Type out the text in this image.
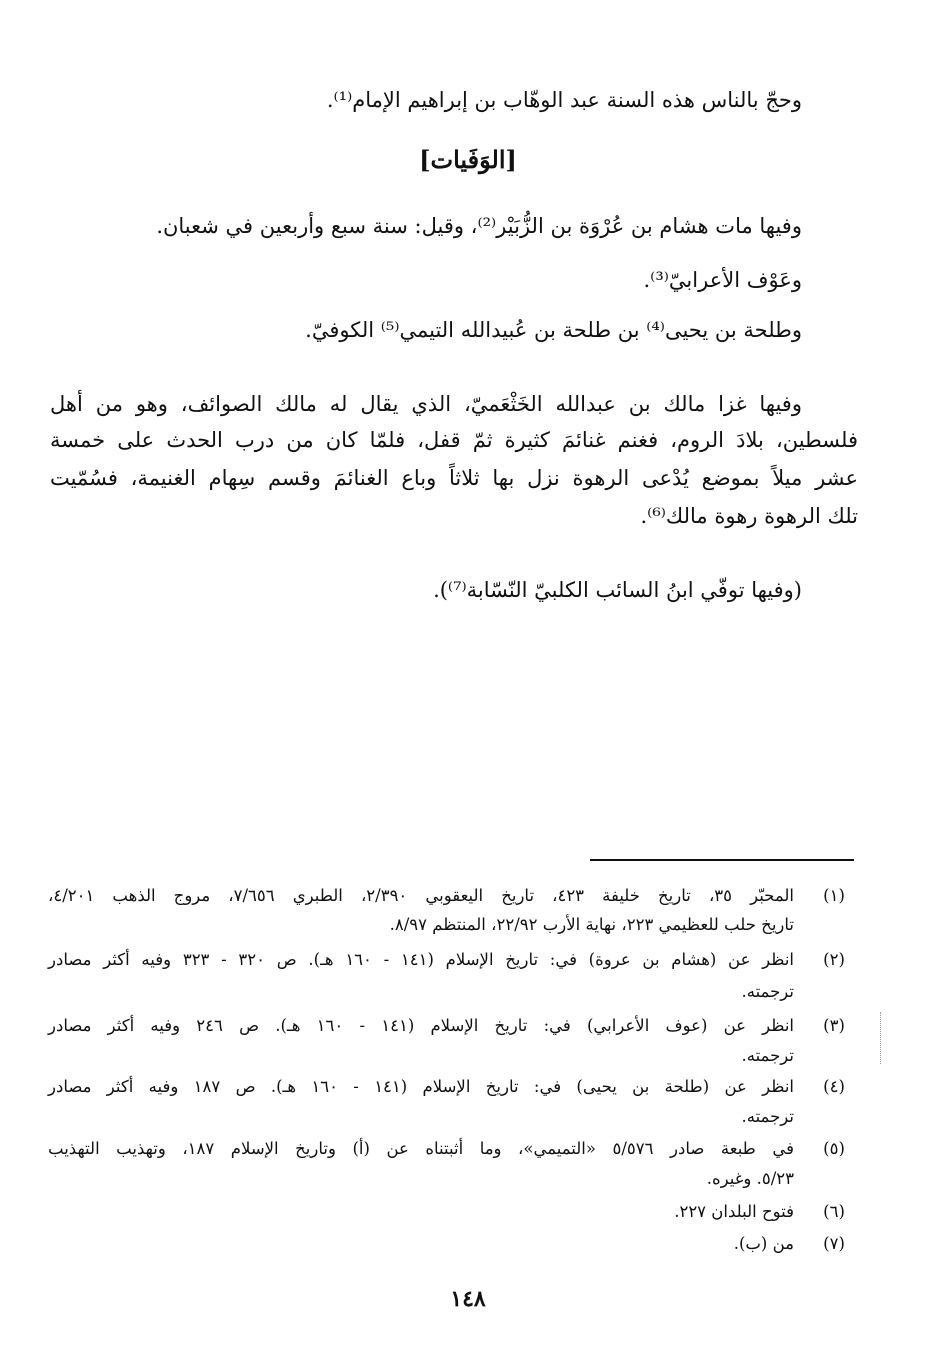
وحجّ بالناس هذه السنة عبد الوهّاب بن إبراهيم الإمام⁽¹⁾.
[الوَفَيات]
وفيها مات هشام بن عُرْوَة بن الزُّبَيْر⁽²⁾، وقيل: سنة سبع وأربعين في شعبان.
وعَوْف الأعرابيّ⁽³⁾.
وطلحة بن يحيى⁽⁴⁾ بن طلحة بن عُبيدالله التيمي⁽⁵⁾ الكوفيّ.
وفيها غزا مالك بن عبدالله الخَثْعَميّ، الذي يقال له مالك الصوائف، وهو من أهل
فلسطين، بلادَ الروم، فغنم غنائمَ كثيرة ثمّ قفل، فلمّا كان من درب الحدث على خمسة
عشر ميلاً بموضع يُدْعى الرهوة نزل بها ثلاثاً وباع الغنائمَ وقسم سِهام الغنيمة، فسُمّيت
تلك الرهوة رهوة مالك⁽⁶⁾.
(وفيها توفّي ابنُ السائب الكلبيّ النّسّابة⁽⁷⁾).
(١)
المحبّر ٣٥، تاريخ خليفة ٤٢٣، تاريخ اليعقوبي ٢/٣٩٠، الطبري ٧/٦٥٦، مروج الذهب ٤/٢٠١،
تاريخ حلب للعظيمي ٢٢٣، نهاية الأرب ٢٢/٩٢، المنتظم ٨/٩٧.
(٢)
انظر عن (هشام بن عروة) في: تاريخ الإسلام (١٤١ - ١٦٠ هـ). ص ٣٢٠ - ٣٢٣ وفيه أكثر مصادر
ترجمته.
(٣)
انظر عن (عوف الأعرابي) في: تاريخ الإسلام (١٤١ - ١٦٠ هـ). ص ٢٤٦ وفيه أكثر مصادر
ترجمته.
(٤)
انظر عن (طلحة بن يحيى) في: تاريخ الإسلام (١٤١ - ١٦٠ هـ). ص ١٨٧ وفيه أكثر مصادر
ترجمته.
(٥)
في طبعة صادر ٥/٥٧٦ «التميمي»، وما أثبتناه عن (أ) وتاريخ الإسلام ١٨٧، وتهذيب التهذيب
٥/٢٣. وغيره.
(٦)
فتوح البلدان ٢٢٧.
(٧)
من (ب).
١٤٨
